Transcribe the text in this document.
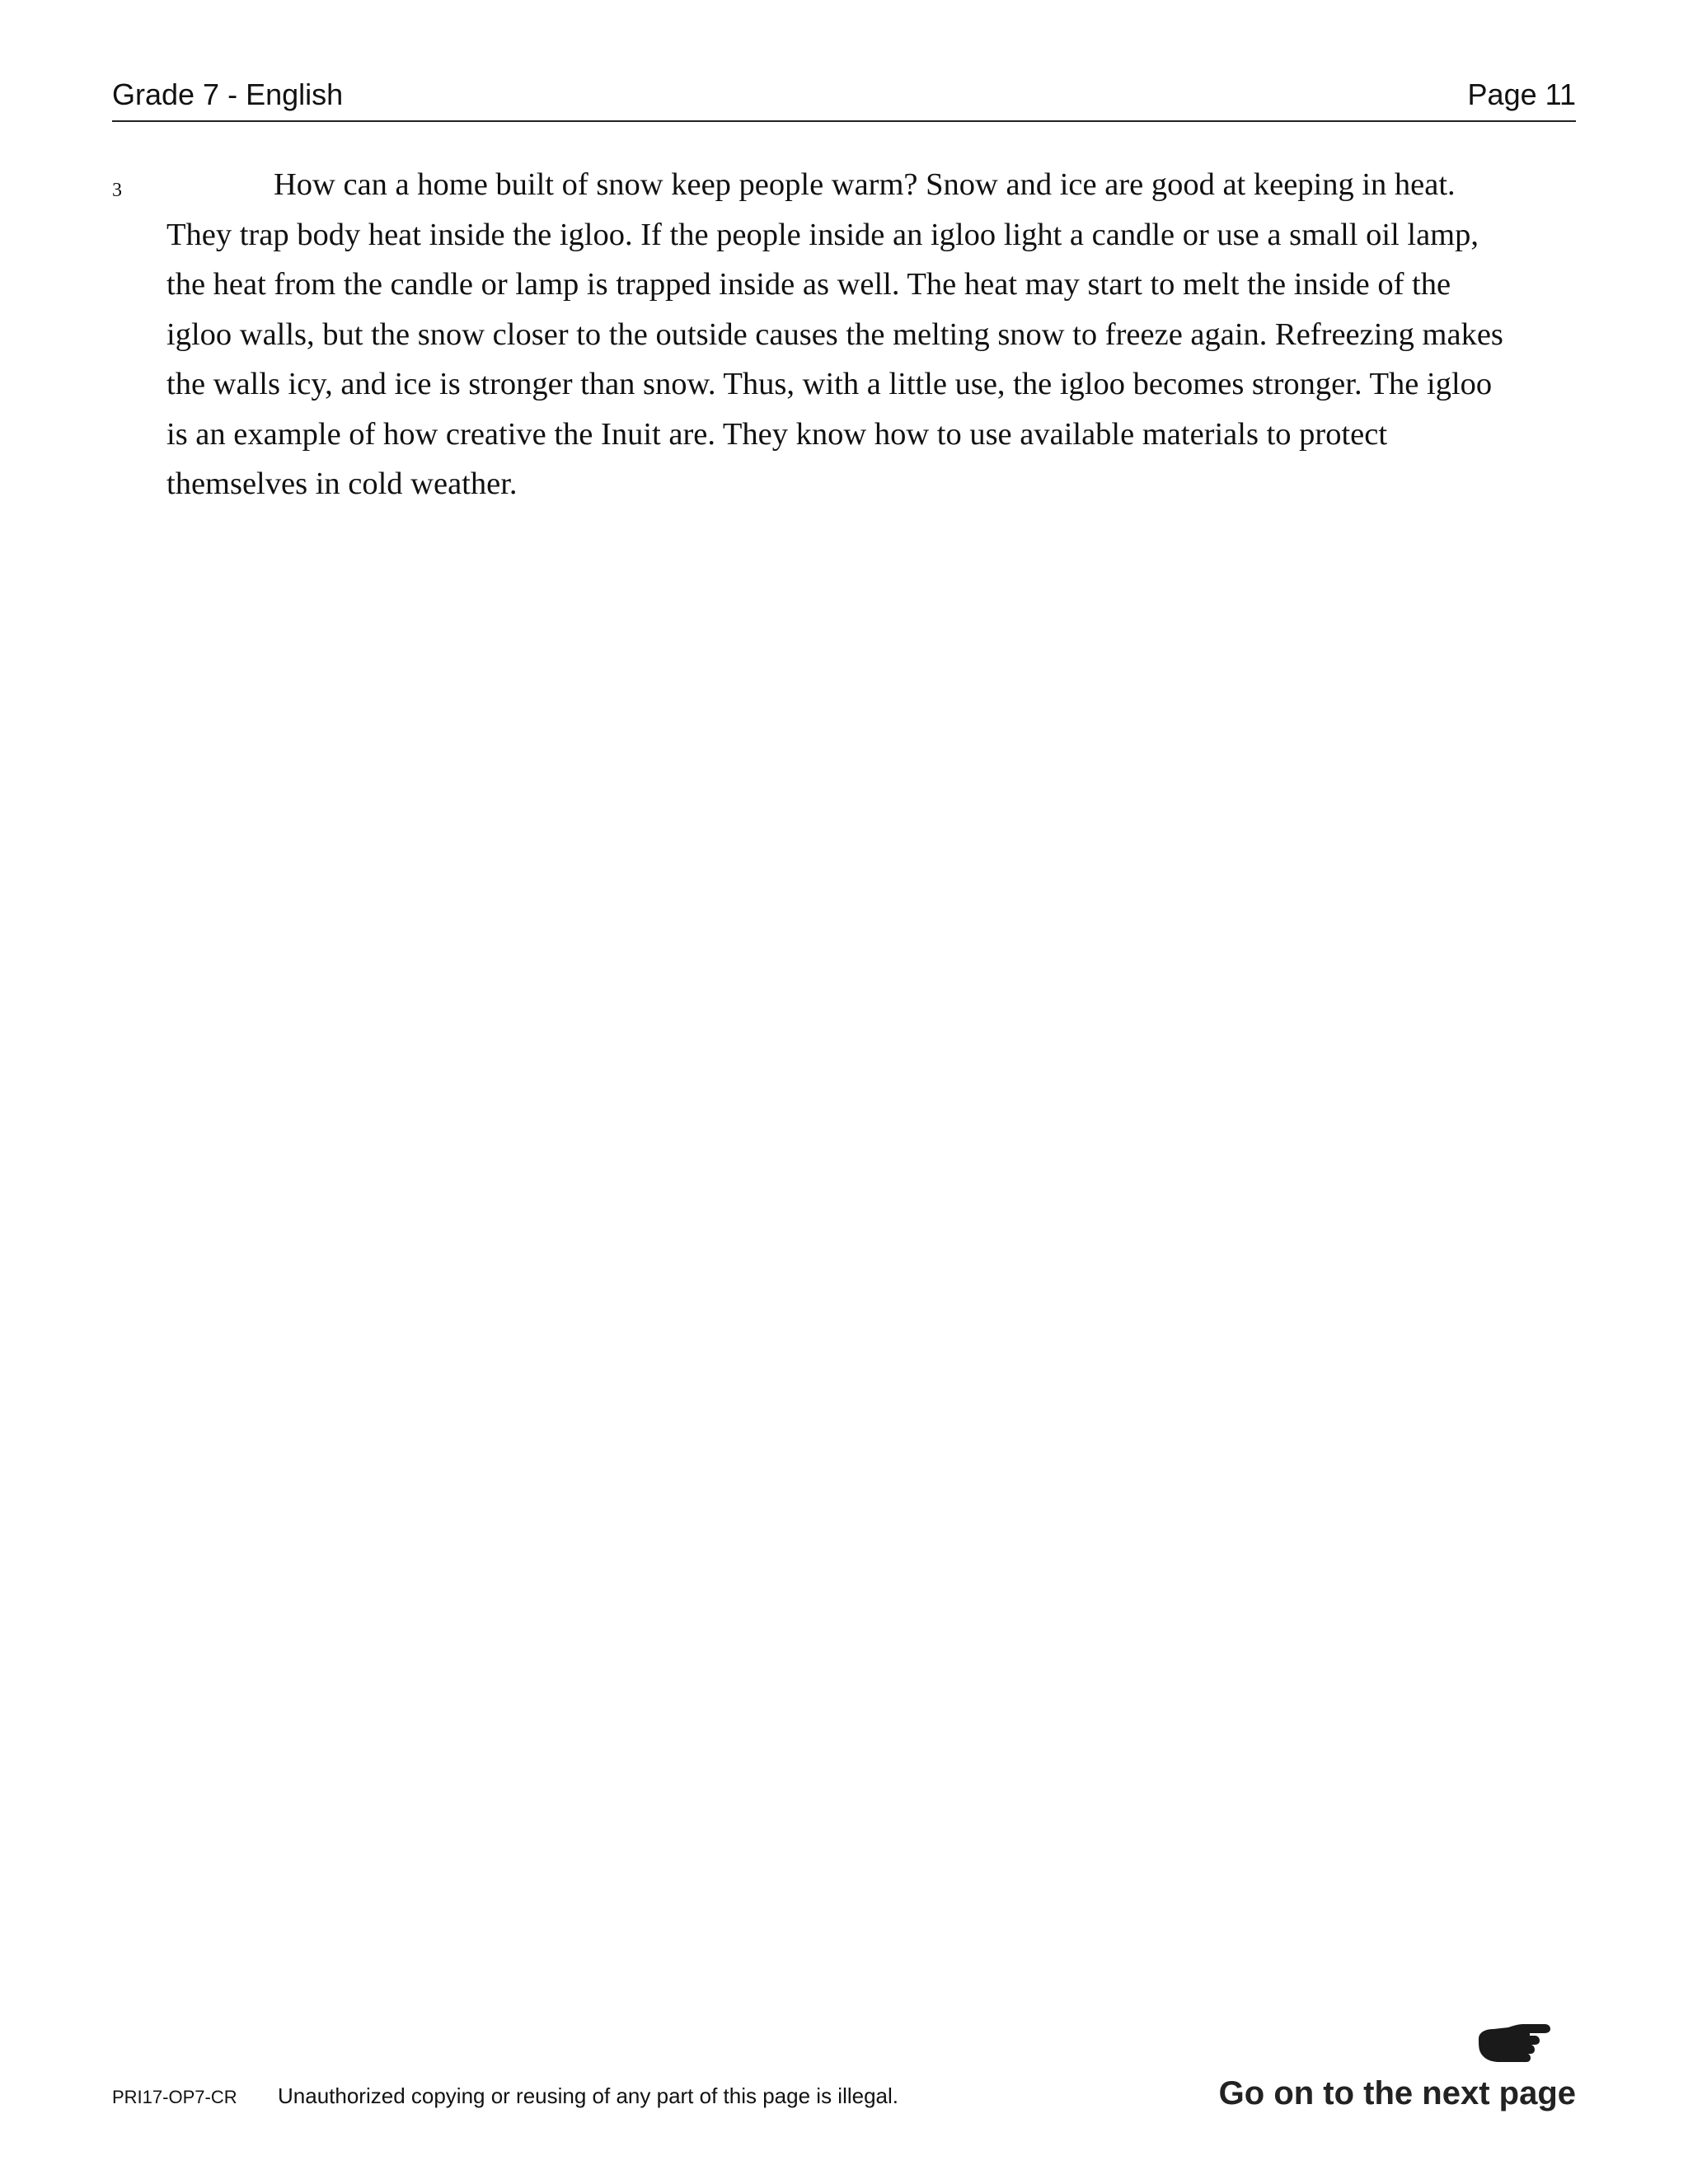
Grade 7 - English	Page 11
3	How can a home built of snow keep people warm? Snow and ice are good at keeping in heat. They trap body heat inside the igloo. If the people inside an igloo light a candle or use a small oil lamp, the heat from the candle or lamp is trapped inside as well. The heat may start to melt the inside of the igloo walls, but the snow closer to the outside causes the melting snow to freeze again. Refreezing makes the walls icy, and ice is stronger than snow. Thus, with a little use, the igloo becomes stronger. The igloo is an example of how creative the Inuit are. They know how to use available materials to protect themselves in cold weather.

PRI17-OP7-CR Unauthorized copying or reusing of any part of this page is illegal.	Go on to the next page
